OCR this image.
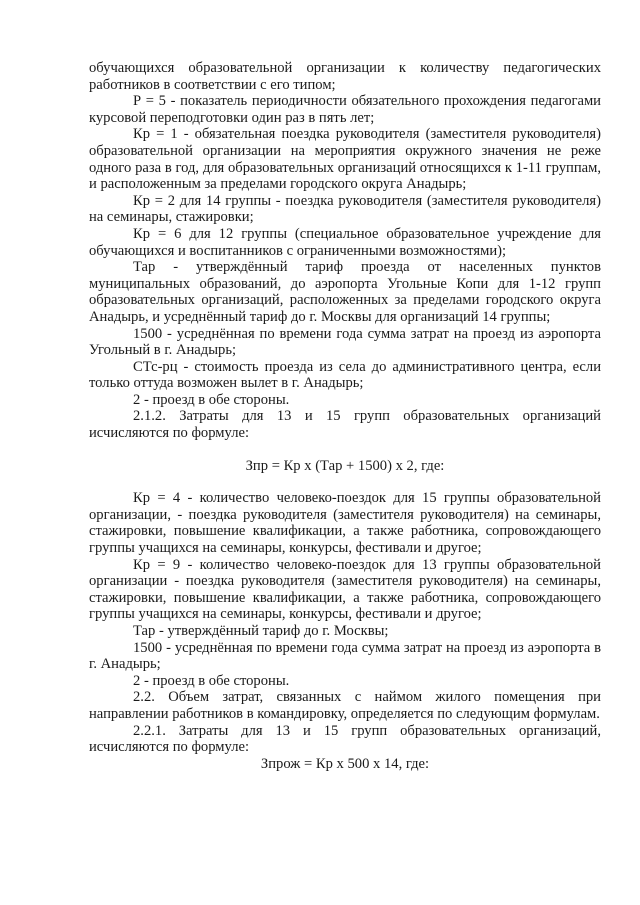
обучающихся образовательной организации к количеству педагогических работников в соответствии с его типом;

Р = 5 - показатель периодичности обязательного прохождения педагогами курсовой переподготовки один раз в пять лет;

Кр = 1 - обязательная поездка руководителя (заместителя руководителя) образовательной организации на мероприятия окружного значения не реже одного раза в год, для образовательных организаций относящихся к 1-11 группам, и расположенным за пределами городского округа Анадырь;

Кр = 2 для 14 группы - поездка руководителя (заместителя руководителя) на семинары, стажировки;

Кр = 6 для 12 группы (специальное образовательное учреждение для обучающихся и воспитанников с ограниченными возможностями);

Тар - утверждённый тариф проезда от населенных пунктов муниципальных образований, до аэропорта Угольные Копи для 1-12 групп образовательных организаций, расположенных за пределами городского округа Анадырь, и усреднённый тариф до г. Москвы для организаций 14 группы;

1500 - усреднённая по времени года сумма затрат на проезд из аэропорта Угольный в г. Анадырь;

СТс-рц - стоимость проезда из села до административного центра, если только оттуда возможен вылет в г. Анадырь;

2 - проезд в обе стороны.

2.1.2. Затраты для 13 и 15 групп образовательных организаций исчисляются по формуле:

Зпр = Кр х (Тар + 1500) х 2, где:

Кр = 4 - количество человеко-поездок для 15 группы образовательной организации, - поездка руководителя (заместителя руководителя) на семинары, стажировки, повышение квалификации, а также работника, сопровождающего группы учащихся на семинары, конкурсы, фестивали и другое;

Кр = 9 - количество человеко-поездок для 13 группы образовательной организации - поездка руководителя (заместителя руководителя) на семинары, стажировки, повышение квалификации, а также работника, сопровождающего группы учащихся на семинары, конкурсы, фестивали и другое;

Тар - утверждённый тариф до г. Москвы;

1500 - усреднённая по времени года сумма затрат на проезд из аэропорта в г. Анадырь;

2 - проезд в обе стороны.

2.2. Объем затрат, связанных с наймом жилого помещения при направлении работников в командировку, определяется по следующим формулам.

2.2.1. Затраты для 13 и 15 групп образовательных организаций, исчисляются по формуле:

Зпрож = Кр х 500 х 14, где:
